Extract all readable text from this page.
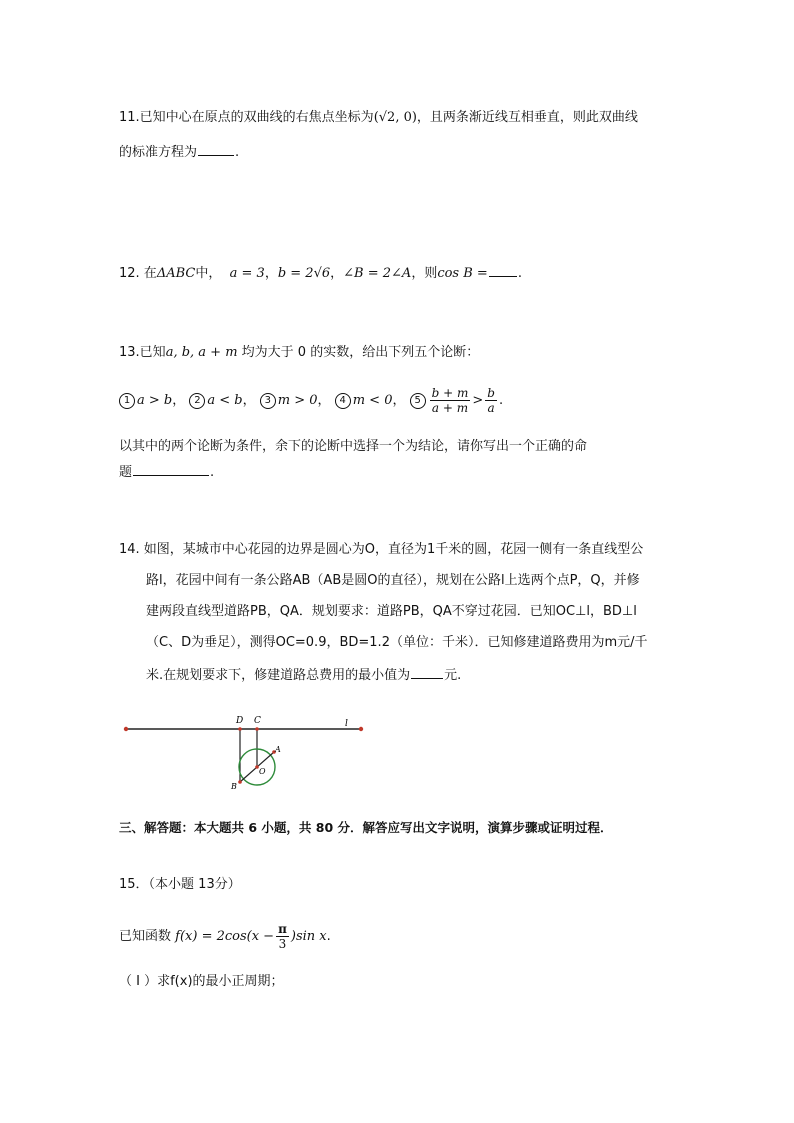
11.已知中心在原点的双曲线的右焦点坐标为(√2, 0)，且两条渐近线互相垂直，则此双曲线
的标准方程为	.
12. 在ΔABC中， a = 3，b = 2√6，∠B = 2∠A，则cos B = .
13.已知a, b, a + m 均为大于 0 的实数，给出下列五个论断：
1 a > b， 2 a < b， 3 m > 0， 4 m < 0， $5 \frac{b + m}{a + m} > \frac{b}{a}$ .
以其中的两个论断为条件，余下的论断中选择一个为结论，请你写出一个正确的命
题	.
14. 如图，某城市中心花园的边界是圆心为O，直径为1千米的圆，花园一侧有一条直线型公
路l，花园中间有一条公路AB（AB是圆O的直径），规划在公路l上选两个点P，Q，并修
建两段直线型道路PB，QA．规划要求：道路PB，QA不穿过花园．已知OC⊥l，BD⊥l
（C、D为垂足），测得OC=0.9，BD=1.2（单位：千米）．已知修建道路费用为m元/千
米.在规划要求下，修建道路总费用的最小值为	元.
D C	l
A
O
B
三、解答题：本大题共 6 小题，共 80 分．解答应写出文字说明，演算步骤或证明过程．
15．（本小题 13分）
已知函数 $f(x) = 2\cos(x - \frac{\pi}{3} )\sin$ x.
（ I ）求f(x)的最小正周期；
